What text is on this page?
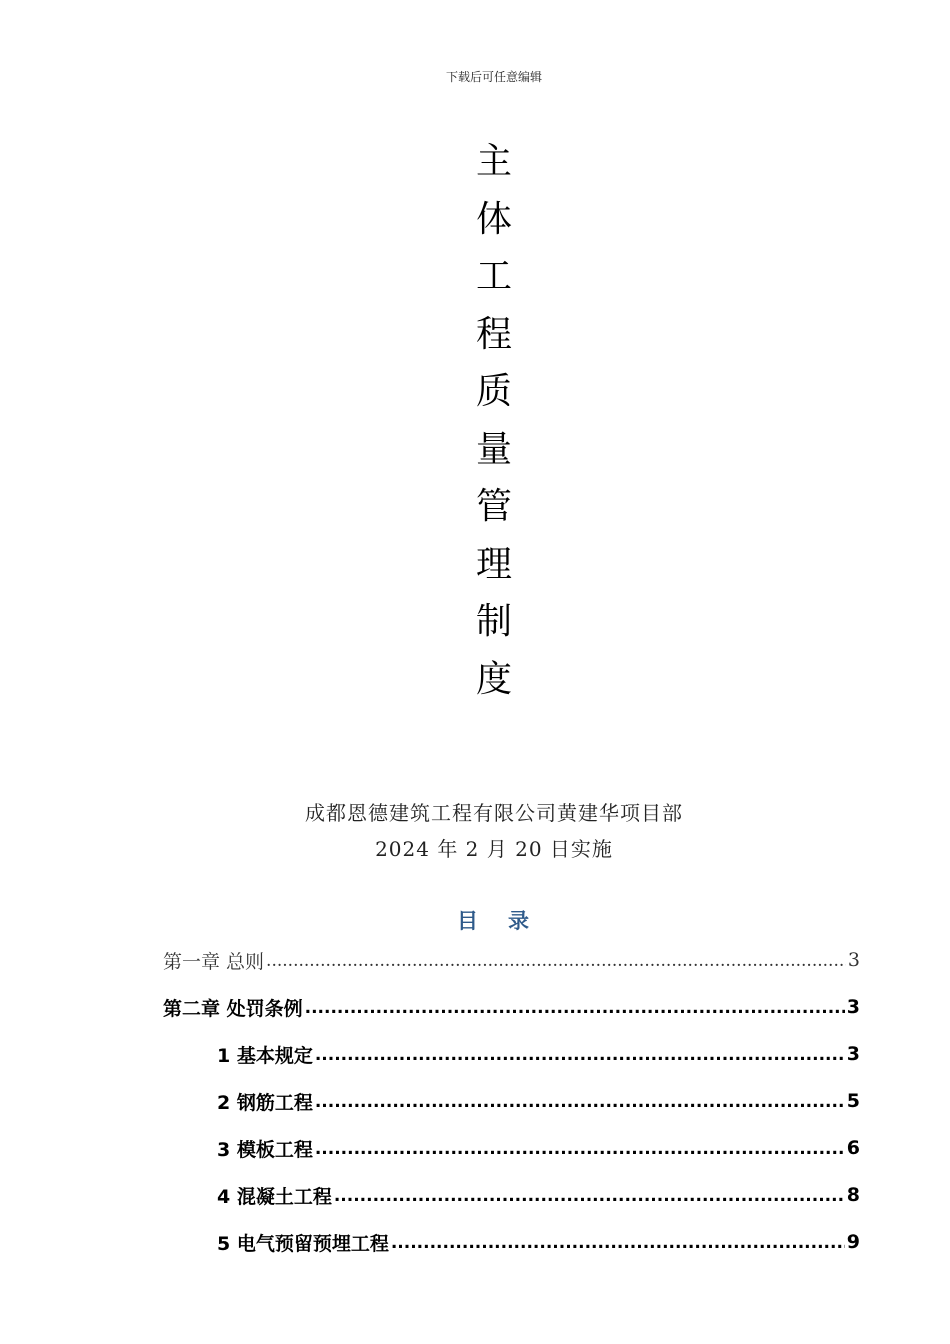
下载后可任意编辑
主
体
工
程
质
量
管
理
制
度
成都恩德建筑工程有限公司黄建华项目部
2024 年 2 月 20 日实施
目 录
第一章 总则 .....	3
第二章 处罚条例 .....	3
1 基本规定 .....	3
2 钢筋工程 .....	5
3 模板工程 .....	6
4 混凝土工程 .....	8
5 电气预留预埋工程 .....	9
